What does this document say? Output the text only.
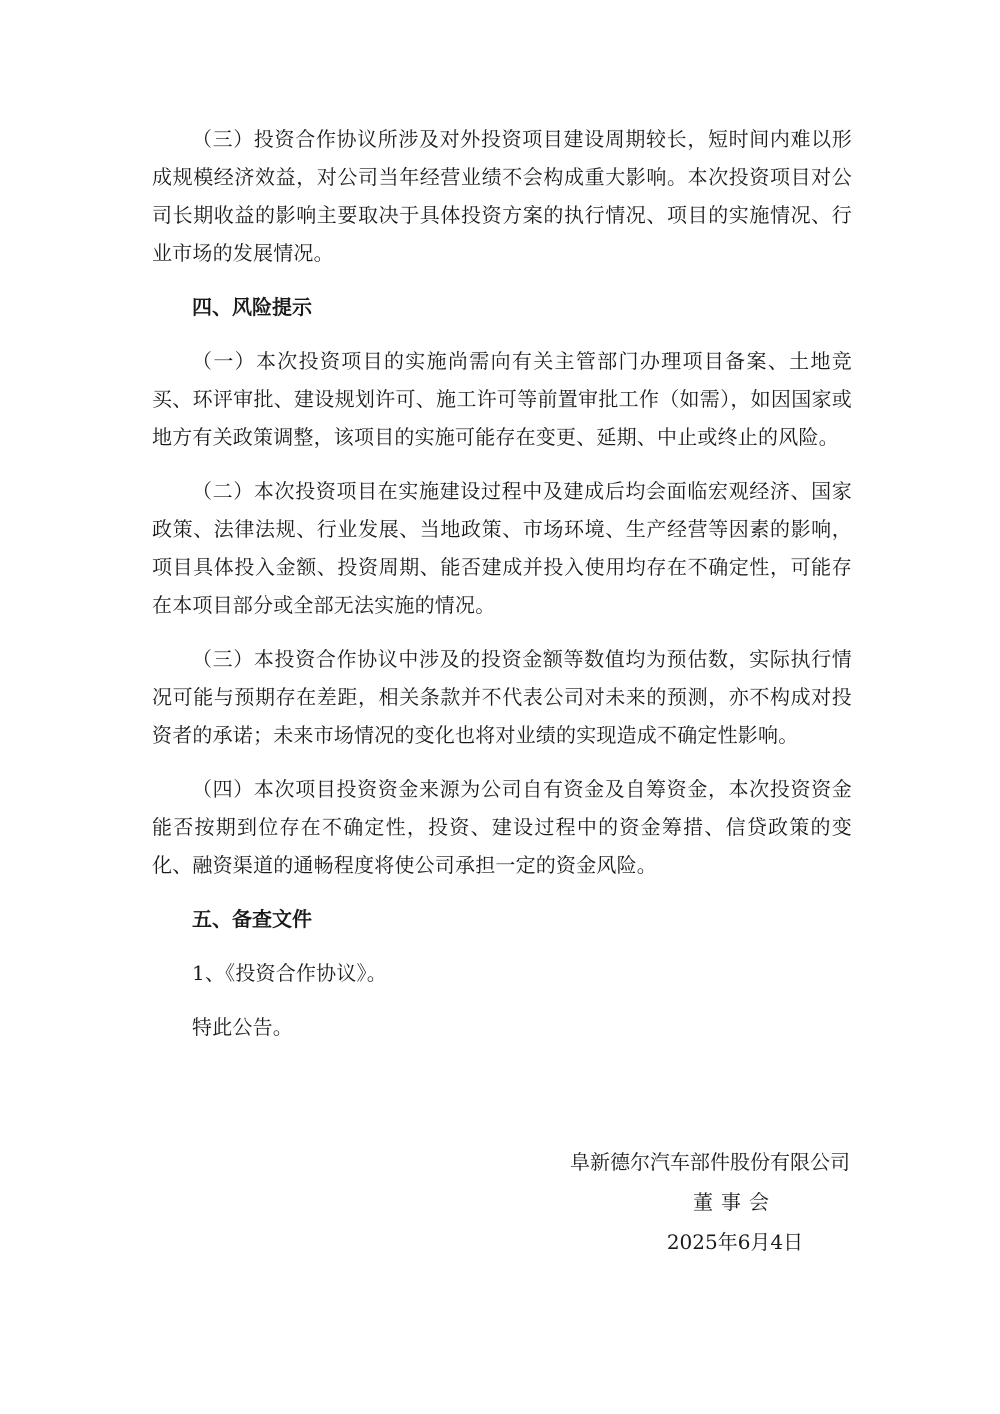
（三）投资合作协议所涉及对外投资项目建设周期较长，短时间内难以形成规模经济效益，对公司当年经营业绩不会构成重大影响。本次投资项目对公司长期收益的影响主要取决于具体投资方案的执行情况、项目的实施情况、行业市场的发展情况。

四、风险提示

（一）本次投资项目的实施尚需向有关主管部门办理项目备案、土地竞买、环评审批、建设规划许可、施工许可等前置审批工作（如需），如因国家或地方有关政策调整，该项目的实施可能存在变更、延期、中止或终止的风险。

（二）本次投资项目在实施建设过程中及建成后均会面临宏观经济、国家政策、法律法规、行业发展、当地政策、市场环境、生产经营等因素的影响，项目具体投入金额、投资周期、能否建成并投入使用均存在不确定性，可能存在本项目部分或全部无法实施的情况。

（三）本投资合作协议中涉及的投资金额等数值均为预估数，实际执行情况可能与预期存在差距，相关条款并不代表公司对未来的预测，亦不构成对投资者的承诺；未来市场情况的变化也将对业绩的实现造成不确定性影响。

（四）本次项目投资资金来源为公司自有资金及自筹资金，本次投资资金能否按期到位存在不确定性，投资、建设过程中的资金筹措、信贷政策的变化、融资渠道的通畅程度将使公司承担一定的资金风险。

五、备查文件

1、《投资合作协议》。

特此公告。

阜新德尔汽车部件股份有限公司
董事会
2025年6月4日
